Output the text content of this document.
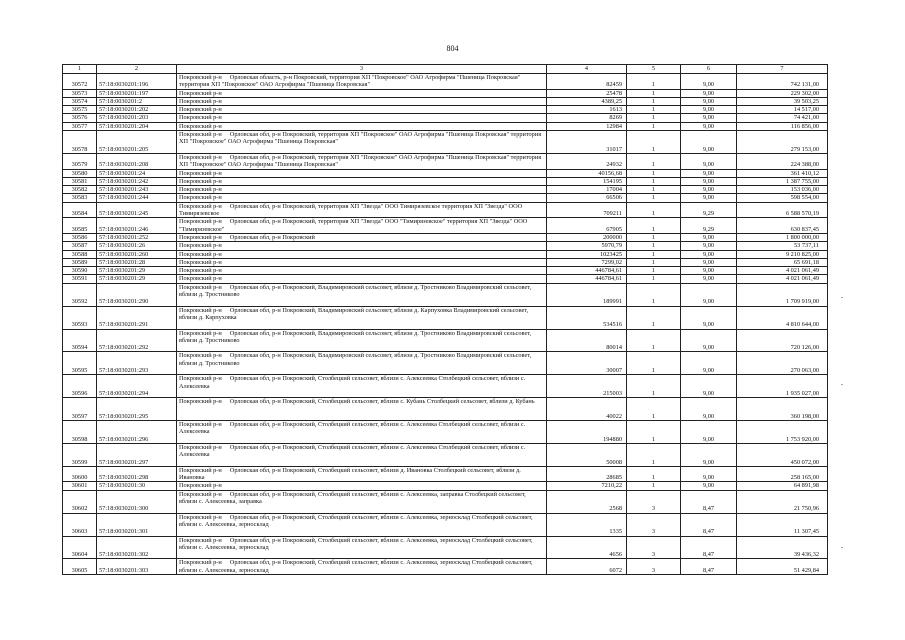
804
.
.
.
1	2	3	4	5	6	7
30572	57:18:0030201:196	Покровский р-н Орловская область, р-н Покровский, территория ХП "Покровское" ОАО Агрофирма "Пшеница Покровская" территория ХП "Покровское" ОАО Агрофирма "Пшеница Покровская"	82459	1	9,00	742 131,00
30573	57:18:0030201:197	Покровский р-н	25478	1	9,00	229 302,00
30574	57:18:0030201:2	Покровский р-н	4389,25	1	9,00	39 503,25
30575	57:18:0030201:202	Покровский р-н	1613	1	9,00	14 517,00
30576	57:18:0030201:203	Покровский р-н	8269	1	9,00	74 421,00
30577	57:18:0030201:204	Покровский р-н	12984	1	9,00	116 856,00
30578	57:18:0030201:205	Покровский р-н Орловская обл, р-н Покровский, территория ХП "Покровское" ОАО Агрофирма "Пшеница Покровская" территория ХП "Покровское" ОАО Агрофирма "Пшеница Покровская"	31017	1	9,00	279 153,00
30579	57:18:0030201:208	Покровский р-н Орловская обл, р-н Покровский, территория ХП "Покровское" ОАО Агрофирма "Пшеница Покровская" территория ХП "Покровское" ОАО Агрофирма "Пшеница Покровская"	24932	1	9,00	224 388,00
30580	57:18:0030201:24	Покровский р-н	40156,68	1	9,00	361 410,12
30581	57:18:0030201:242	Покровский р-н	154195	1	9,00	1 387 755,00
30582	57:18:0030201:243	Покровский р-н	17004	1	9,00	153 036,00
30583	57:18:0030201:244	Покровский р-н	66506	1	9,00	598 554,00
30584	57:18:0030201:245	Покровский р-н Орловская обл, р-н Покровский, территория ХП "Звезда" ООО Тимирязевское территория ХП "Звезда" ООО Тимирязевское	709211	1	9,29	6 588 570,19
30585	57:18:0030201:246	Покровский р-н Орловская обл, р-н Покровский, территория ХП "Звезда" ООО "Тимирязевское" территория ХП "Звезда" ООО "Тимирязевское"	67905	1	9,29	630 837,45
30586	57:18:0030201:252	Покровский р-н Орловская обл, р-н Покровский	200000	1	9,00	1 800 000,00
30587	57:18:0030201:26	Покровский р-н	5970,79	1	9,00	53 737,11
30588	57:18:0030201:260	Покровский р-н	1023425	1	9,00	9 210 825,00
30589	57:18:0030201:28	Покровский р-н	7299,02	1	9,00	65 691,18
30590	57:18:0030201:29	Покровский р-н	446784,61	1	9,00	4 021 061,49
30591	57:18:0030201:29	Покровский р-н	446784,61	1	9,00	4 021 061,49
30592	57:18:0030201:290	Покровский р-н Орловская обл, р-н Покровский, Владимировский сельсовет, вблизи д. Тростниково Владимировский сельсовет, вблизи д. Тростниково	189991	1	9,00	1 709 919,00
30593	57:18:0030201:291	Покровский р-н Орловская обл, р-н Покровский, Владимировский сельсовет, вблизи д. Карпуховка Владимировский сельсовет, вблизи д. Карпуховка	534516	1	9,00	4 810 644,00
30594	57:18:0030201:292	Покровский р-н Орловская обл, р-н Покровский, Владимировский сельсовет, вблизи д. Тростниково Владимировский сельсовет, вблизи д. Тростниково	80014	1	9,00	720 126,00
30595	57:18:0030201:293	Покровский р-н Орловская обл, р-н Покровский, Владимировский сельсовет, вблизи д. Тростниково Владимировский сельсовет, вблизи д. Тростниково	30007	1	9,00	270 063,00
30596	57:18:0030201:294	Покровский р-н Орловская обл, р-н Покровский, Столбецкий сельсовет, вблизи с. Алексеевка Столбецкий сельсовет, вблизи с. Алексеевка	215003	1	9,00	1 935 027,00
30597	57:18:0030201:295	Покровский р-н Орловская обл, р-н Покровский, Столбецкий сельсовет, вблизи с. Кубань Столбецкий сельсовет, вблизи д. Кубань	40022	1	9,00	360 198,00
30598	57:18:0030201:296	Покровский р-н Орловская обл, р-н Покровский, Столбецкий сельсовет, вблизи с. Алексеевка Столбецкий сельсовет, вблизи с. Алексеевка	194880	1	9,00	1 753 920,00
30599	57:18:0030201:297	Покровский р-н Орловская обл, р-н Покровский, Столбецкий сельсовет, вблизи с. Алексеевка Столбецкий сельсовет, вблизи с. Алексеевка	50008	1	9,00	450 072,00
30600	57:18:0030201:298	Покровский р-н Орловская обл, р-н Покровский, Столбецкий сельсовет, вблизи д. Ивановка Столбецкий сельсовет, вблизи д. Ивановка	28685	1	9,00	258 165,00
30601	57:18:0030201:30	Покровский р-н	7210,22	1	9,00	64 891,98
30602	57:18:0030201:300	Покровский р-н Орловская обл, р-н Покровский, Столбецкий сельсовет, вблизи с. Алексеевка, заправка Столбецкий сельсовет, вблизи с. Алексеевка, заправка	2568	3	8,47	21 750,96
30603	57:18:0030201:301	Покровский р-н Орловская обл, р-н Покровский, Столбецкий сельсовет, вблизи с. Алексеевка, зерносклад Столбецкий сельсовет, вблизи с. Алексеевка, зерносклад	1335	3	8,47	11 307,45
30604	57:18:0030201:302	Покровский р-н Орловская обл, р-н Покровский, Столбецкий сельсовет, вблизи с. Алексеевка, зерносклад Столбецкий сельсовет, вблизи с. Алексеевка, зерносклад	4656	3	8,47	39 436,32
30605	57:18:0030201:303	Покровский р-н Орловская обл, р-н Покровский, Столбецкий сельсовет, вблизи с. Алексеевка, зерносклад Столбецкий сельсовет, вблизи с. Алексеевка, зерносклад	6072	3	8,47	51 429,84
